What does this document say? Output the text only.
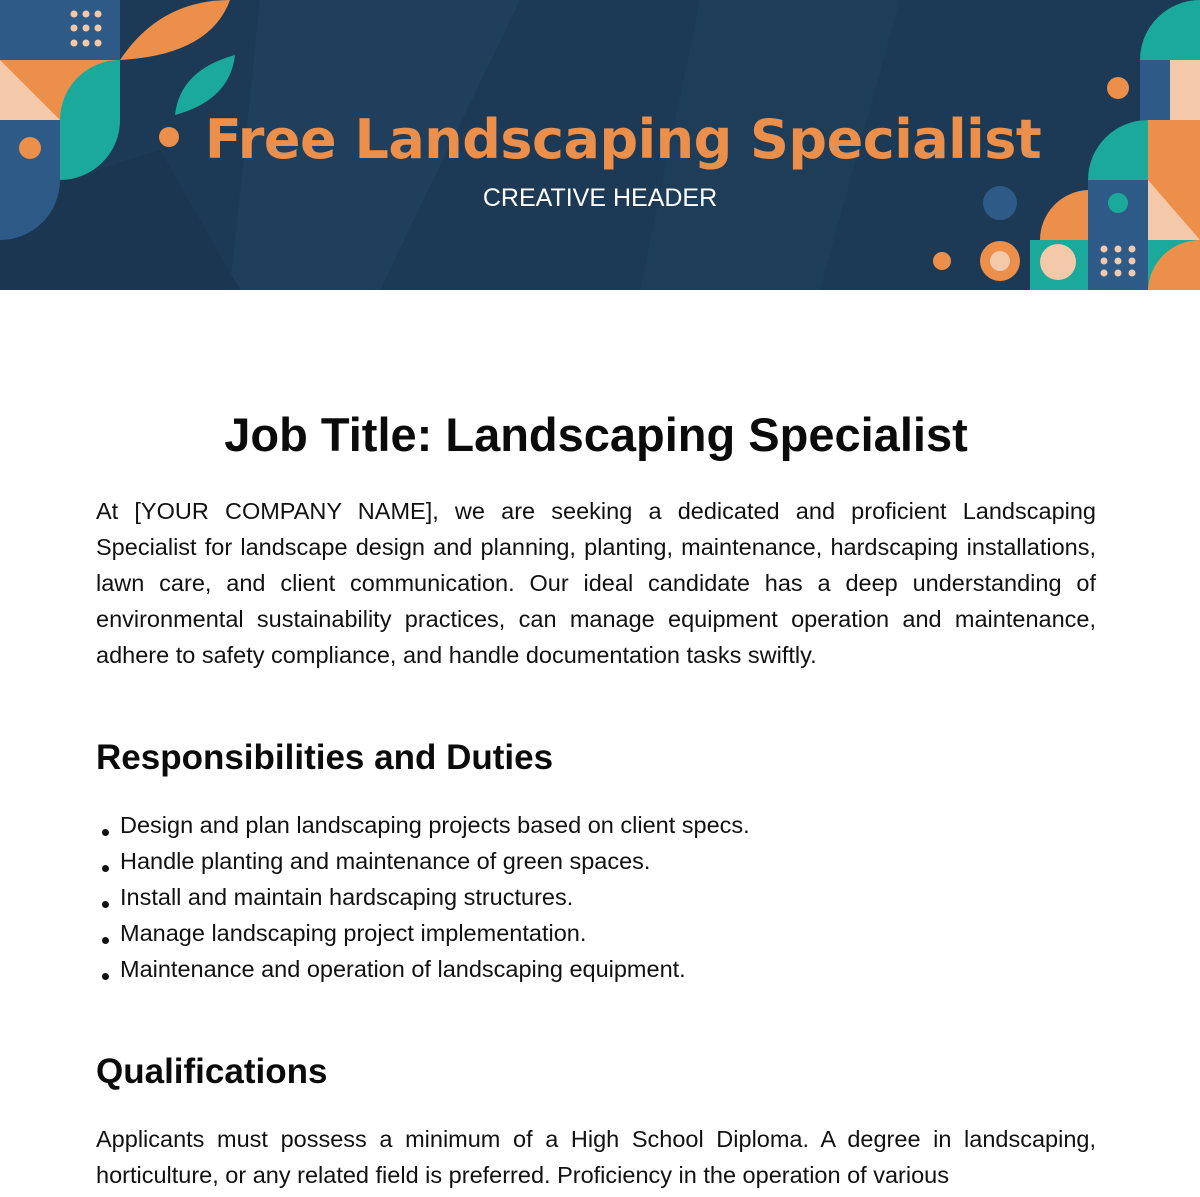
Free Landscaping Specialist
CREATIVE HEADER
Job Title: Landscaping Specialist

At [YOUR COMPANY NAME], we are seeking a dedicated and proficient Landscaping Specialist for landscape design and planning, planting, maintenance, hardscaping installations, lawn care, and client communication. Our ideal candidate has a deep understanding of environmental sustainability practices, can manage equipment operation and maintenance, adhere to safety compliance, and handle documentation tasks swiftly.

Responsibilities and Duties
Design and plan landscaping projects based on client specs.
Handle planting and maintenance of green spaces.
Install and maintain hardscaping structures.
Manage landscaping project implementation.
Maintenance and operation of landscaping equipment.
Qualifications

Applicants must possess a minimum of a High School Diploma. A degree in landscaping, horticulture, or any related field is preferred. Proficiency in the operation of various
